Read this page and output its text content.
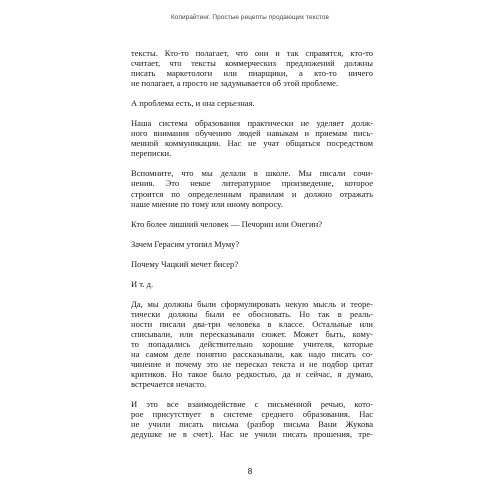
Копирайтинг. Простые рецепты продающих текстов

тексты. Кто-то полагает, что они и так справятся, кто-то
считает, что тексты коммерческих предложений должны
писать маркетологи или пиарщики, а кто-то ничего
не полагает, а просто не задумывается об этой проблеме.

А проблема есть, и она серьезная.

Наша система образования практически не уделяет долж-
ного внимания обучению людей навыкам и приемам пись-
менной коммуникации. Нас не учат общаться посредством
переписки.

Вспомните, что мы делали в школе. Мы писали сочи-
нения. Это некое литературное произведение, которое
строится по определенным правилам и должно отражать
наше мнение по тому или иному вопросу.

Кто более лишний человек — Печорин или Онегин?

Зачем Герасим утопил Муму?

Почему Чацкий мечет бисер?

И т. д.

Да, мы должны были сформулировать некую мысль и теоре-
тически должны были ее обосновать. Но так в реаль-
ности писали два-три человека в классе. Остальные или
списывали, или пересказывали сюжет. Может быть, кому-
то попадались действительно хорошие учителя, которые
на самом деле понятно рассказывали, как надо писать со-
чинение и почему это не пересказ текста и не подбор цитат
критиков. Но такое было редкостью, да и сейчас, я думаю,
встречается нечасто.

И это все взаимодействие с письменной речью, кото-
рое присутствует в системе среднего образования. Нас
не учили писать письма (разбор письма Вани Жукова
дедушке не в счет). Нас не учили писать прошения, тре-

8
